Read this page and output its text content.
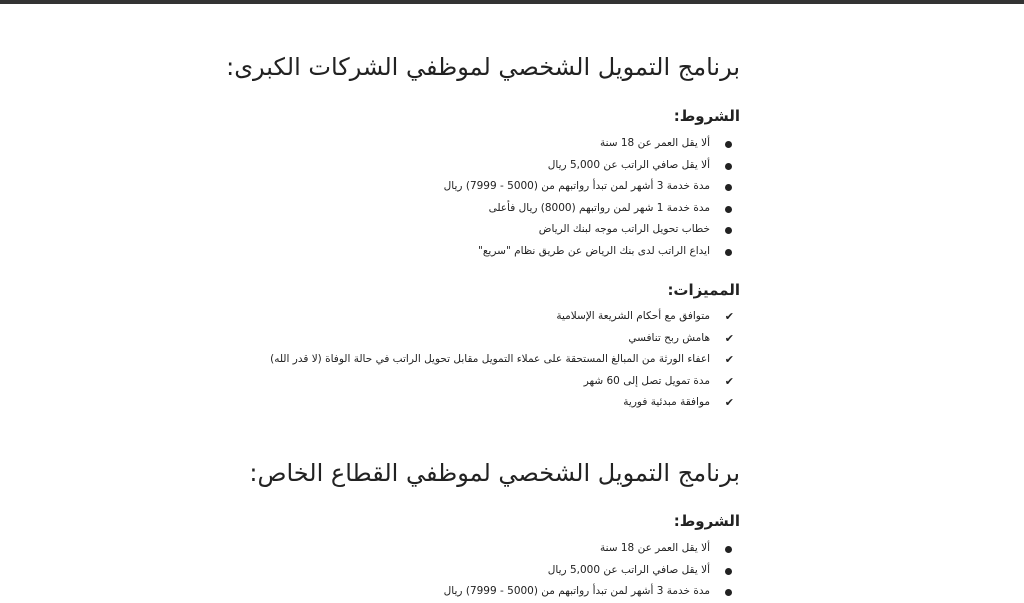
برنامج التمويل الشخصي لموظفي الشركات الكبرى:
الشروط:
ألا يقل العمر عن 18 سنة
ألا يقل صافي الراتب عن 5,000 ريال
مدة خدمة 3 أشهر لمن تبدأ رواتبهم من (5000 - 7999) ريال
مدة خدمة 1 شهر لمن رواتبهم (8000) ريال فأعلى
خطاب تحويل الراتب موجه لبنك الرياض
ايداع الراتب لدى بنك الرياض عن طريق نظام "سريع"
المميزات:
✔
متوافق مع أحكام الشريعة الإسلامية
✔
هامش ربح تنافسي
✔
اعفاء الورثة من المبالغ المستحقة على عملاء التمويل مقابل تحويل الراتب في حالة الوفاة (لا قدر الله)
✔
مدة تمويل تصل إلى 60 شهر
✔
موافقة مبدئية فورية
برنامج التمويل الشخصي لموظفي القطاع الخاص:
الشروط:
ألا يقل العمر عن 18 سنة
ألا يقل صافي الراتب عن 5,000 ريال
مدة خدمة 3 أشهر لمن تبدأ رواتبهم من (5000 - 7999) ريال
